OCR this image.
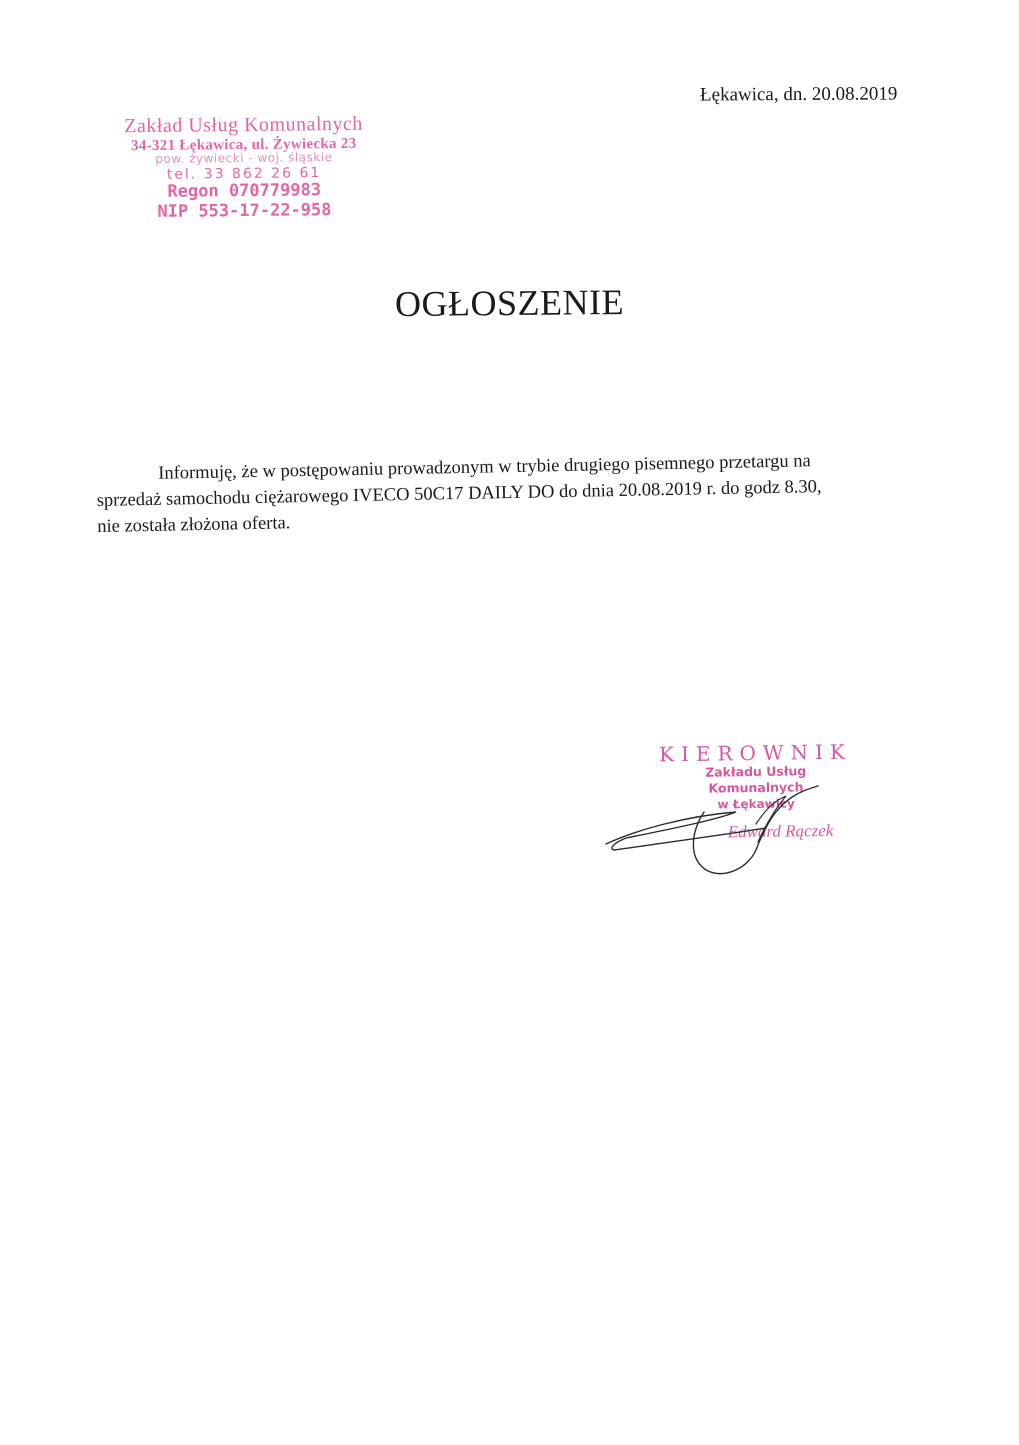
Łękawica, dn. 20.08.2019
Zakład Usług Komunalnych
34-321 Łękawica, ul. Żywiecka 23
pow. żywiecki - woj. śląskie
tel. 33 862 26 61
Regon 070779983
NIP 553-17-22-958
OGŁOSZENIE
Informuję, że w postępowaniu prowadzonym w trybie drugiego pisemnego przetargu na
sprzedaż samochodu ciężarowego IVECO 50C17 DAILY DO do dnia 20.08.2019 r. do godz 8.30,
nie została złożona oferta.
KIEROWNIK
Zakładu Usług Komunalnych
w Łękawicy
Edward Rączek
